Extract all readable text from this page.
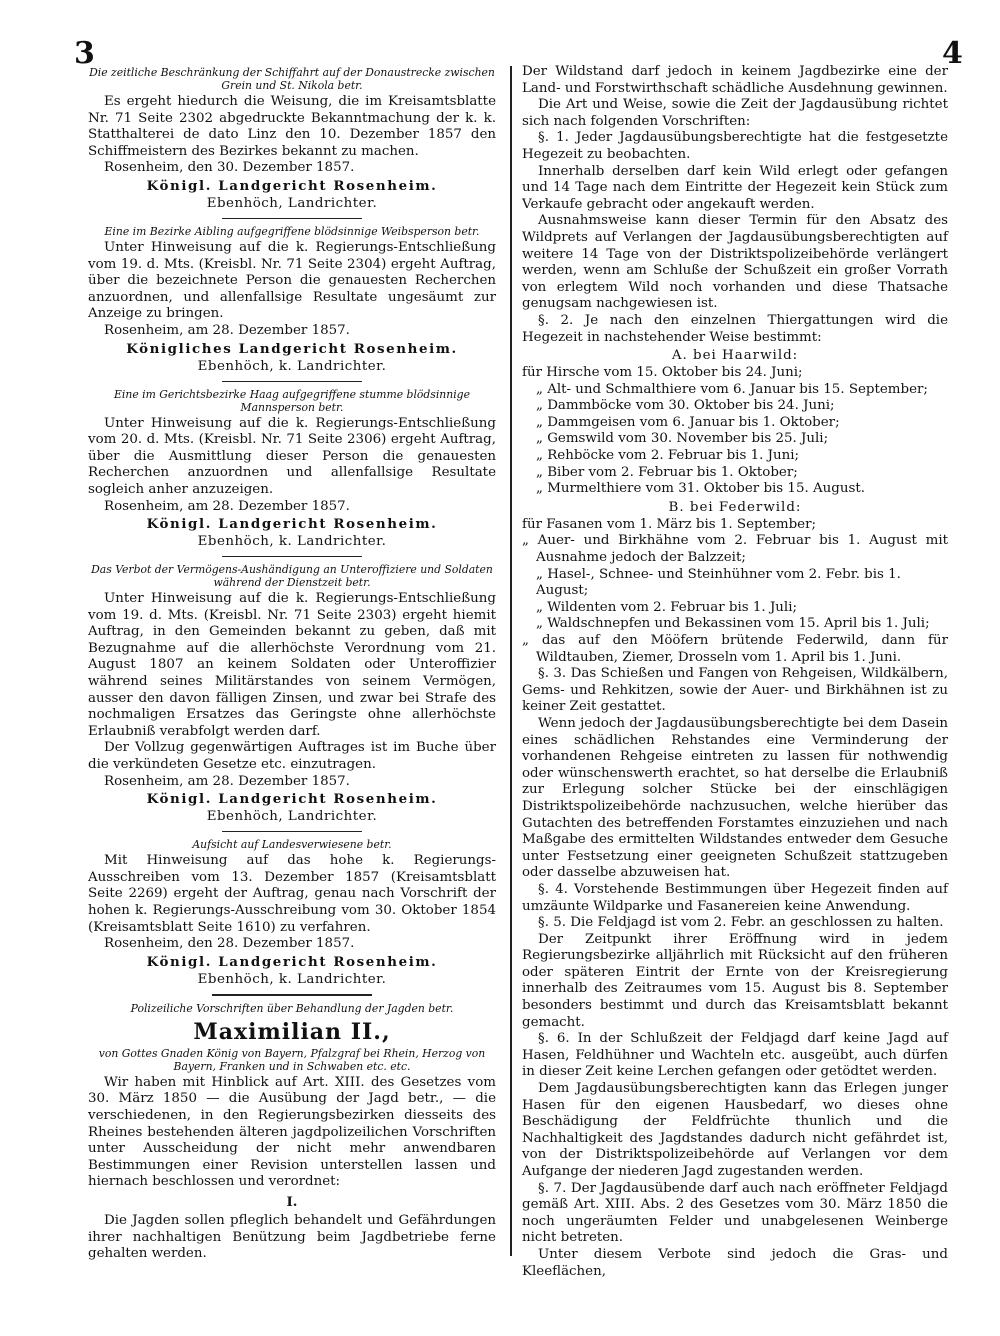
3	4
Die zeitliche Beschränkung der Schiffahrt auf der Donaustrecke zwischen Grein und St. Nikola betr.

Es ergeht hiedurch die Weisung, die im Kreisamtsblatte Nr. 71 Seite 2302 abgedruckte Bekanntmachung der k. k. Statthalterei de dato Linz den 10. Dezember 1857 den Schiffmeistern des Bezirkes bekannt zu machen.

Rosenheim, den 30. Dezember 1857.

Königl. Landgericht Rosenheim.

Ebenhöch, Landrichter.

Eine im Bezirke Aibling aufgegriffene blödsinnige Weibsperson betr.

Unter Hinweisung auf die k. Regierungs-Entschließung vom 19. d. Mts. (Kreisbl. Nr. 71 Seite 2304) ergeht Auftrag, über die bezeichnete Person die genauesten Recherchen anzuordnen, und allenfallsige Resultate ungesäumt zur Anzeige zu bringen.

Rosenheim, am 28. Dezember 1857.

Königliches Landgericht Rosenheim.

Ebenhöch, k. Landrichter.

Eine im Gerichtsbezirke Haag aufgegriffene stumme blödsinnige Mannsperson betr.

Unter Hinweisung auf die k. Regierungs-Entschließung vom 20. d. Mts. (Kreisbl. Nr. 71 Seite 2306) ergeht Auftrag, über die Ausmittlung dieser Person die genauesten Recherchen anzuordnen und allenfallsige Resultate sogleich anher anzuzeigen.

Rosenheim, am 28. Dezember 1857.

Königl. Landgericht Rosenheim.

Ebenhöch, k. Landrichter.

Das Verbot der Vermögens-Aushändigung an Unteroffiziere und Soldaten während der Dienstzeit betr.

Unter Hinweisung auf die k. Regierungs-Entschließung vom 19. d. Mts. (Kreisbl. Nr. 71 Seite 2303) ergeht hiemit Auftrag, in den Gemeinden bekannt zu geben, daß mit Bezugnahme auf die allerhöchste Verordnung vom 21. August 1807 an keinem Soldaten oder Unteroffizier während seines Militärstandes von seinem Vermögen, ausser den davon fälligen Zinsen, und zwar bei Strafe des nochmaligen Ersatzes das Geringste ohne allerhöchste Erlaubniß verabfolgt werden darf.

Der Vollzug gegenwärtigen Auftrages ist im Buche über die verkündeten Gesetze etc. einzutragen.

Rosenheim, am 28. Dezember 1857.

Königl. Landgericht Rosenheim.

Ebenhöch, Landrichter.

Aufsicht auf Landesverwiesene betr.

Mit Hinweisung auf das hohe k. Regierungs-Ausschreiben vom 13. Dezember 1857 (Kreisamtsblatt Seite 2269) ergeht der Auftrag, genau nach Vorschrift der hohen k. Regierungs-Ausschreibung vom 30. Oktober 1854 (Kreisamtsblatt Seite 1610) zu verfahren.

Rosenheim, den 28. Dezember 1857.

Königl. Landgericht Rosenheim.

Ebenhöch, k. Landrichter.

Polizeiliche Vorschriften über Behandlung der Jagden betr.
Maximilian II.,
von Gottes Gnaden König von Bayern, Pfalzgraf bei Rhein, Herzog von Bayern, Franken und in Schwaben etc. etc.

Wir haben mit Hinblick auf Art. XIII. des Gesetzes vom 30. März 1850 — die Ausübung der Jagd betr., — die verschiedenen, in den Regierungsbezirken diesseits des Rheines bestehenden älteren jagdpolizeilichen Vorschriften unter Ausscheidung der nicht mehr anwendbaren Bestimmungen einer Revision unterstellen lassen und hiernach beschlossen und verordnet:

I.

Die Jagden sollen pfleglich behandelt und Gefährdungen ihrer nachhaltigen Benützung beim Jagdbetriebe ferne gehalten werden.

Der Wildstand darf jedoch in keinem Jagdbezirke eine der Land- und Forstwirthschaft schädliche Ausdehnung gewinnen.

Die Art und Weise, sowie die Zeit der Jagdausübung richtet sich nach folgenden Vorschriften:

§. 1. Jeder Jagdausübungsberechtigte hat die festgesetzte Hegezeit zu beobachten.

Innerhalb derselben darf kein Wild erlegt oder gefangen und 14 Tage nach dem Eintritte der Hegezeit kein Stück zum Verkaufe gebracht oder angekauft werden.

Ausnahmsweise kann dieser Termin für den Absatz des Wildprets auf Verlangen der Jagdausübungsberechtigten auf weitere 14 Tage von der Distriktspolizeibehörde verlängert werden, wenn am Schluße der Schußzeit ein großer Vorrath von erlegtem Wild noch vorhanden und diese Thatsache genugsam nachgewiesen ist.

§. 2. Je nach den einzelnen Thiergattungen wird die Hegezeit in nachstehender Weise bestimmt:

A. bei Haarwild:

für Hirsche vom 15. Oktober bis 24. Juni;

„ Alt- und Schmalthiere vom 6. Januar bis 15. September;

„ Dammböcke vom 30. Oktober bis 24. Juni;

„ Dammgeisen vom 6. Januar bis 1. Oktober;

„ Gemswild vom 30. November bis 25. Juli;

„ Rehböcke vom 2. Februar bis 1. Juni;

„ Biber vom 2. Februar bis 1. Oktober;

„ Murmelthiere vom 31. Oktober bis 15. August.

B. bei Federwild:

für Fasanen vom 1. März bis 1. September;

„ Auer- und Birkhähne vom 2. Februar bis 1. August mit Ausnahme jedoch der Balzzeit;

„ Hasel-, Schnee- und Steinhühner vom 2. Febr. bis 1. August;

„ Wildenten vom 2. Februar bis 1. Juli;

„ Waldschnepfen und Bekassinen vom 15. April bis 1. Juli;

„ das auf den Mööfern brütende Federwild, dann für Wildtauben, Ziemer, Drosseln vom 1. April bis 1. Juni.

§. 3. Das Schießen und Fangen von Rehgeisen, Wildkälbern, Gems- und Rehkitzen, sowie der Auer- und Birkhähnen ist zu keiner Zeit gestattet.

Wenn jedoch der Jagdausübungsberechtigte bei dem Dasein eines schädlichen Rehstandes eine Verminderung der vorhandenen Rehgeise eintreten zu lassen für nothwendig oder wünschenswerth erachtet, so hat derselbe die Erlaubniß zur Erlegung solcher Stücke bei der einschlägigen Distriktspolizeibehörde nachzusuchen, welche hierüber das Gutachten des betreffenden Forstamtes einzuziehen und nach Maßgabe des ermittelten Wildstandes entweder dem Gesuche unter Festsetzung einer geeigneten Schußzeit stattzugeben oder dasselbe abzuweisen hat.

§. 4. Vorstehende Bestimmungen über Hegezeit finden auf umzäunte Wildparke und Fasanereien keine Anwendung.

§. 5. Die Feldjagd ist vom 2. Febr. an geschlossen zu halten.

Der Zeitpunkt ihrer Eröffnung wird in jedem Regierungsbezirke alljährlich mit Rücksicht auf den früheren oder späteren Eintrit der Ernte von der Kreisregierung innerhalb des Zeitraumes vom 15. August bis 8. September besonders bestimmt und durch das Kreisamtsblatt bekannt gemacht.

§. 6. In der Schlußzeit der Feldjagd darf keine Jagd auf Hasen, Feldhühner und Wachteln etc. ausgeübt, auch dürfen in dieser Zeit keine Lerchen gefangen oder getödtet werden.

Dem Jagdausübungsberechtigten kann das Erlegen junger Hasen für den eigenen Hausbedarf, wo dieses ohne Beschädigung der Feldfrüchte thunlich und die Nachhaltigkeit des Jagdstandes dadurch nicht gefährdet ist, von der Distriktspolizeibehörde auf Verlangen vor dem Aufgange der niederen Jagd zugestanden werden.

§. 7. Der Jagdausübende darf auch nach eröffneter Feldjagd gemäß Art. XIII. Abs. 2 des Gesetzes vom 30. März 1850 die noch ungeräumten Felder und unabgelesenen Weinberge nicht betreten.

Unter diesem Verbote sind jedoch die Gras- und Kleeflächen,
